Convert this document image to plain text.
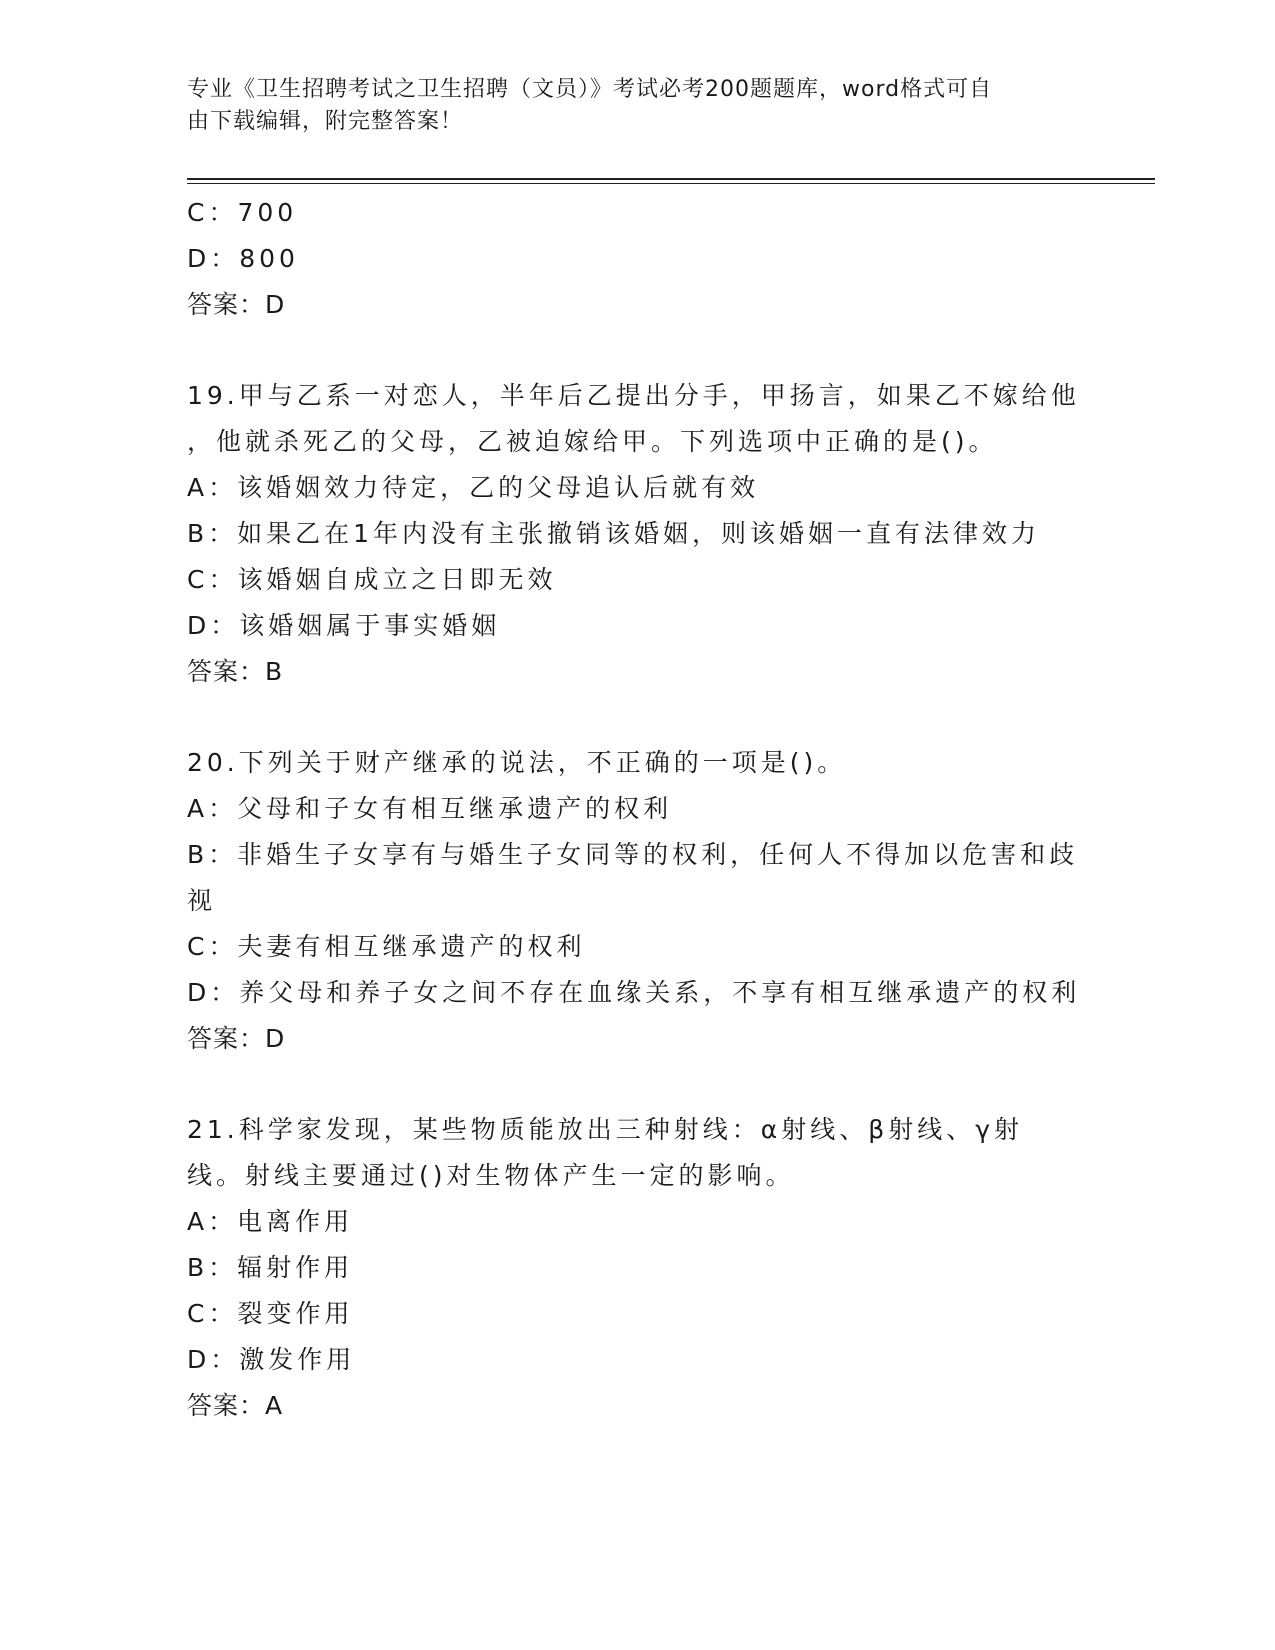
专业《卫生招聘考试之卫生招聘（文员）》考试必考200题题库，word格式可自
由下载编辑，附完整答案！
C：700
D：800
答案：D
19.甲与乙系一对恋人，半年后乙提出分手，甲扬言，如果乙不嫁给他
，他就杀死乙的父母，乙被迫嫁给甲。下列选项中正确的是()。
A：该婚姻效力待定，乙的父母追认后就有效
B：如果乙在1年内没有主张撤销该婚姻，则该婚姻一直有法律效力
C：该婚姻自成立之日即无效
D：该婚姻属于事实婚姻
答案：B
20.下列关于财产继承的说法，不正确的一项是()。
A：父母和子女有相互继承遗产的权利
B：非婚生子女享有与婚生子女同等的权利，任何人不得加以危害和歧
视
C：夫妻有相互继承遗产的权利
D：养父母和养子女之间不存在血缘关系，不享有相互继承遗产的权利
答案：D
21.科学家发现，某些物质能放出三种射线：α射线、β射线、γ射
线。射线主要通过()对生物体产生一定的影响。
A：电离作用
B：辐射作用
C：裂变作用
D：激发作用
答案：A
